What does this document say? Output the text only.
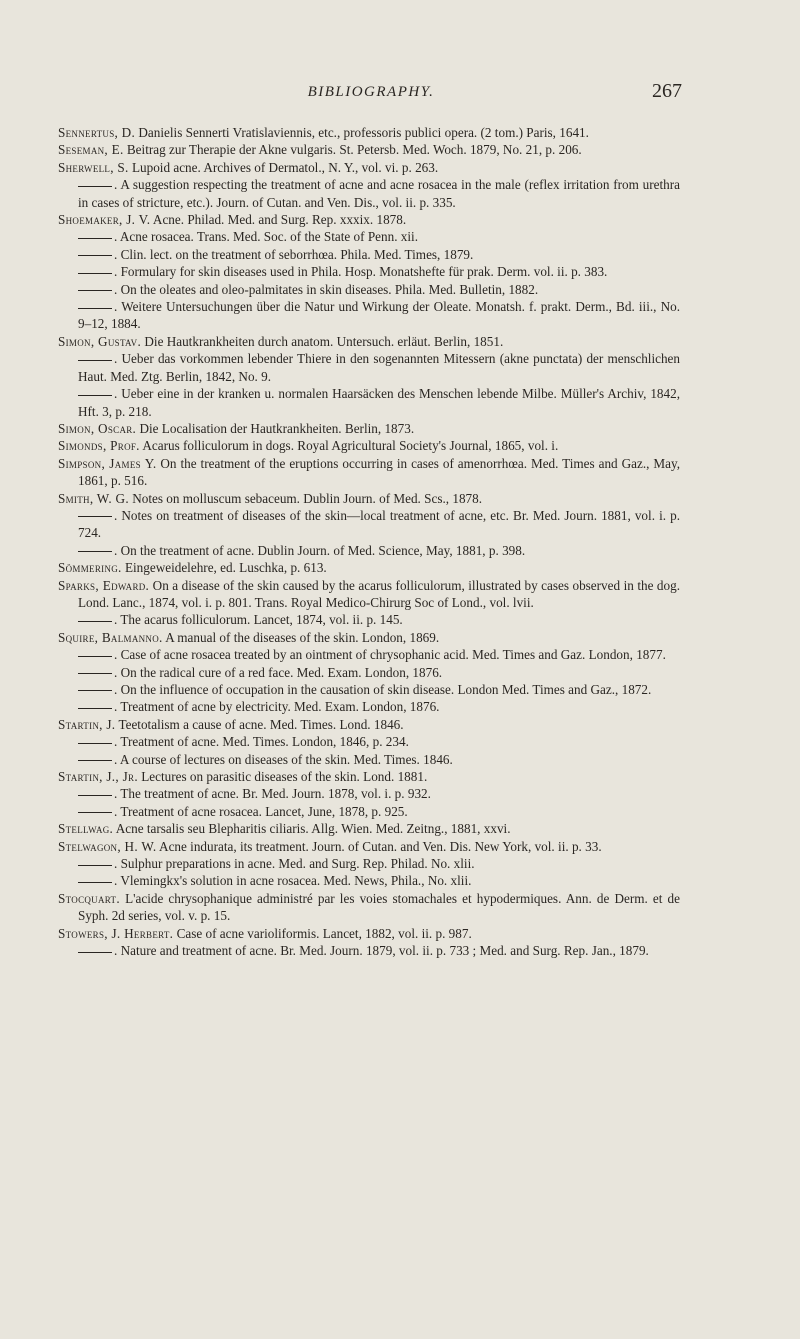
BIBLIOGRAPHY.	267

Sennertus, D. Danielis Sennerti Vratislaviennis, etc., professoris publici opera. (2 tom.) Paris, 1641.

Seseman, E. Beitrag zur Therapie der Akne vulgaris. St. Petersb. Med. Woch. 1879, No. 21, p. 206.

Sherwell, S. Lupoid acne. Archives of Dermatol., N. Y., vol. vi. p. 263.

. A suggestion respecting the treatment of acne and acne rosacea in the male (reflex irritation from urethra in cases of stricture, etc.). Journ. of Cutan. and Ven. Dis., vol. ii. p. 335.

Shoemaker, J. V. Acne. Philad. Med. and Surg. Rep. xxxix. 1878.

. Acne rosacea. Trans. Med. Soc. of the State of Penn. xii.

. Clin. lect. on the treatment of seborrhœa. Phila. Med. Times, 1879.

. Formulary for skin diseases used in Phila. Hosp. Monatshefte für prak. Derm. vol. ii. p. 383.

. On the oleates and oleo-palmitates in skin diseases. Phila. Med. Bulletin, 1882.

. Weitere Untersuchungen über die Natur und Wirkung der Oleate. Monatsh. f. prakt. Derm., Bd. iii., No. 9–12, 1884.

Simon, Gustav. Die Hautkrankheiten durch anatom. Untersuch. erläut. Berlin, 1851.

. Ueber das vorkommen lebender Thiere in den sogenannten Mitessern (akne punctata) der menschlichen Haut. Med. Ztg. Berlin, 1842, No. 9.

. Ueber eine in der kranken u. normalen Haarsäcken des Menschen lebende Milbe. Müller's Archiv, 1842, Hft. 3, p. 218.

Simon, Oscar. Die Localisation der Hautkrankheiten. Berlin, 1873.

Simonds, Prof. Acarus folliculorum in dogs. Royal Agricultural Society's Journal, 1865, vol. i.

Simpson, James Y. On the treatment of the eruptions occurring in cases of amenorrhœa. Med. Times and Gaz., May, 1861, p. 516.

Smith, W. G. Notes on molluscum sebaceum. Dublin Journ. of Med. Scs., 1878.

. Notes on treatment of diseases of the skin—local treatment of acne, etc. Br. Med. Journ. 1881, vol. i. p. 724.

. On the treatment of acne. Dublin Journ. of Med. Science, May, 1881, p. 398.

Sömmering. Eingeweidelehre, ed. Luschka, p. 613.

Sparks, Edward. On a disease of the skin caused by the acarus folliculorum, illustrated by cases observed in the dog. Lond. Lanc., 1874, vol. i. p. 801. Trans. Royal Medico-Chirurg Soc of Lond., vol. lvii.

. The acarus folliculorum. Lancet, 1874, vol. ii. p. 145.

Squire, Balmanno. A manual of the diseases of the skin. London, 1869.

. Case of acne rosacea treated by an ointment of chrysophanic acid. Med. Times and Gaz. London, 1877.

. On the radical cure of a red face. Med. Exam. London, 1876.

. On the influence of occupation in the causation of skin disease. London Med. Times and Gaz., 1872.

. Treatment of acne by electricity. Med. Exam. London, 1876.

Startin, J. Teetotalism a cause of acne. Med. Times. Lond. 1846.

. Treatment of acne. Med. Times. London, 1846, p. 234.

. A course of lectures on diseases of the skin. Med. Times. 1846.

Startin, J., Jr. Lectures on parasitic diseases of the skin. Lond. 1881.

. The treatment of acne. Br. Med. Journ. 1878, vol. i. p. 932.

. Treatment of acne rosacea. Lancet, June, 1878, p. 925.

Stellwag. Acne tarsalis seu Blepharitis ciliaris. Allg. Wien. Med. Zeitng., 1881, xxvi.

Stelwagon, H. W. Acne indurata, its treatment. Journ. of Cutan. and Ven. Dis. New York, vol. ii. p. 33.

. Sulphur preparations in acne. Med. and Surg. Rep. Philad. No. xlii.

. Vlemingkx's solution in acne rosacea. Med. News, Phila., No. xlii.

Stocquart. L'acide chrysophanique administré par les voies stomachales et hypodermiques. Ann. de Derm. et de Syph. 2d series, vol. v. p. 15.

Stowers, J. Herbert. Case of acne varioliformis. Lancet, 1882, vol. ii. p. 987.

. Nature and treatment of acne. Br. Med. Journ. 1879, vol. ii. p. 733 ; Med. and Surg. Rep. Jan., 1879.
